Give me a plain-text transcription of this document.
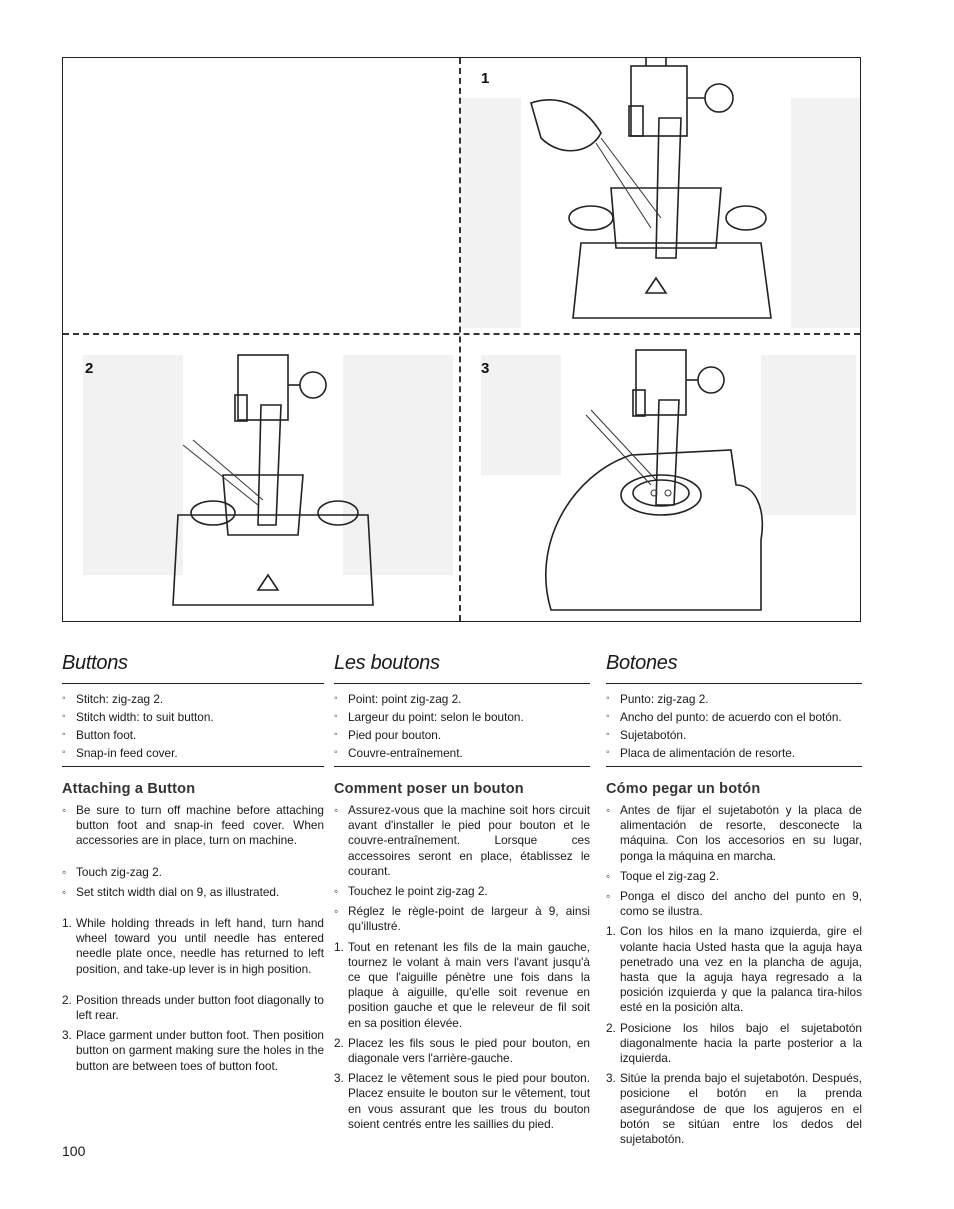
1
2	3
Buttons
◦ Stitch: zig-zag 2.
◦ Stitch width: to suit button.
◦ Button foot.
◦ Snap-in feed cover.
Attaching a Button

◦ Be sure to turn off machine before attaching button foot and snap-in feed cover. When accessories are in place, turn on machine.

◦ Touch zig-zag 2.

◦ Set stitch width dial on 9, as illustrated.

1. While holding threads in left hand, turn hand wheel toward you until needle has entered needle plate once, needle has returned to left position, and take-up lever is in high position.

2. Position threads under button foot diagonally to left rear.

3. Place garment under button foot. Then position button on garment making sure the holes in the button are between toes of button foot.

Les boutons
◦ Point: point zig-zag 2.
◦ Largeur du point: selon le bouton.
◦ Pied pour bouton.
◦ Couvre-entraînement.
Comment poser un bouton

◦ Assurez-vous que la machine soit hors circuit avant d'installer le pied pour bouton et le couvre-entraînement. Lorsque ces accessoires seront en place, établissez le courant.

◦ Touchez le point zig-zag 2.

◦ Réglez le règle-point de largeur à 9, ainsi qu'illustré.

1. Tout en retenant les fils de la main gauche, tournez le volant à main vers l'avant jusqu'à ce que l'aiguille pénètre une fois dans la plaque à aiguille, qu'elle soit revenue en position gauche et que le releveur de fil soit en sa position élevée.

2. Placez les fils sous le pied pour bouton, en diagonale vers l'arrière-gauche.

3. Placez le vêtement sous le pied pour bouton. Placez ensuite le bouton sur le vêtement, tout en vous assurant que les trous du bouton soient centrés entre les saillies du pied.

Botones
◦ Punto: zig-zag 2.
◦ Ancho del punto: de acuerdo con el botón.
◦ Sujetabotón.
◦ Placa de alimentación de resorte.
Cómo pegar un botón

◦ Antes de fijar el sujetabotón y la placa de alimentación de resorte, desconecte la máquina. Con los accesorios en su lugar, ponga la máquina en marcha.

◦ Toque el zig-zag 2.

◦ Ponga el disco del ancho del punto en 9, como se ilustra.

1. Con los hilos en la mano izquierda, gire el volante hacia Usted hasta que la aguja haya penetrado una vez en la plancha de aguja, hasta que la aguja haya regresado a la posición izquierda y que la palanca tira-hilos esté en la posición alta.

2. Posicione los hilos bajo el sujetabotón diagonalmente hacia la parte posterior a la izquierda.

3. Sitúe la prenda bajo el sujetabotón. Después, posicione el botón en la prenda asegurándose de que los agujeros en el botón se sitúan entre los dedos del sujetabotón.

100
